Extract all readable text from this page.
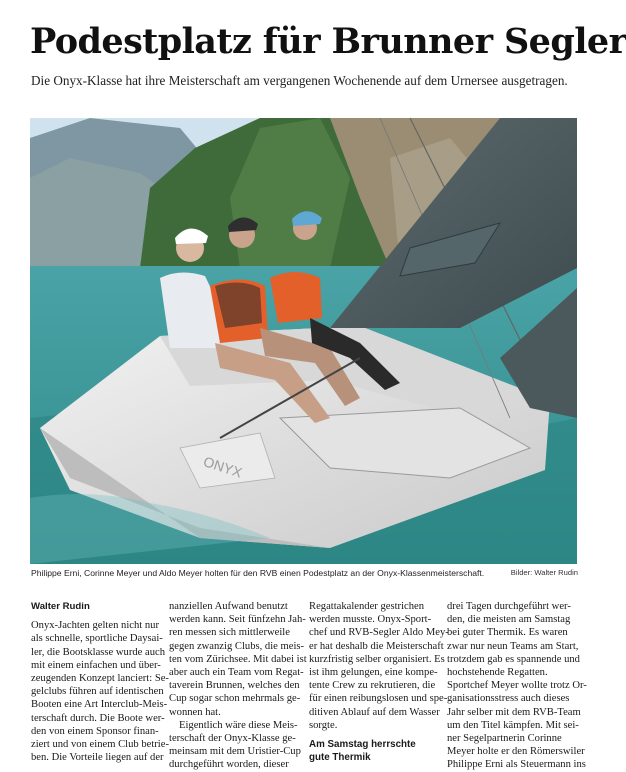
Podestplatz für Brunner Segler
Die Onyx-Klasse hat ihre Meisterschaft am vergangenen Wochenende auf dem Urnersee ausgetragen.
ONYX
Philippe Erni, Corinne Meyer und Aldo Meyer holten für den RVB einen Podestplatz an der Onyx-Klassenmeisterschaft.	Bilder: Walter Rudin
Walter Rudin
Onyx-Jachten gelten nicht nur
als schnelle, sportliche Daysai-
ler, die Bootsklasse wurde auch
mit einem einfachen und über-
zeugenden Konzept lanciert: Se-
gelclubs führen auf identischen
Booten eine Art Interclub-Meis-
terschaft durch. Die Boote wer-
den von einem Sponsor finan-
ziert und von einem Club betrie-
ben. Die Vorteile liegen auf der
nanziellen Aufwand benutzt
werden kann. Seit fünfzehn Jah-
ren messen sich mittlerweile
gegen zwanzig Clubs, die meis-
ten vom Zürichsee. Mit dabei ist
aber auch ein Team vom Regat-
taverein Brunnen, welches den
Cup sogar schon mehrmals ge-
wonnen hat.
Eigentlich wäre diese Meis-
terschaft der Onyx-Klasse ge-
meinsam mit dem Uristier-Cup
durchgeführt worden, dieser
Regattakalender gestrichen
werden musste. Onyx-Sport-
chef und RVB-Segler Aldo Mey-
er hat deshalb die Meisterschaft
kurzfristig selber organisiert. Es
ist ihm gelungen, eine kompe-
tente Crew zu rekrutieren, die
für einen reibungslosen und spe-
ditiven Ablauf auf dem Wasser
sorgte.
Am Samstag herrschte
gute Thermik
drei Tagen durchgeführt wer-
den, die meisten am Samstag
bei guter Thermik. Es waren
zwar nur neun Teams am Start,
trotzdem gab es spannende und
hochstehende Regatten.
Sportchef Meyer wollte trotz Or-
ganisationsstress auch dieses
Jahr selber mit dem RVB-Team
um den Titel kämpfen. Mit sei-
ner Segelpartnerin Corinne
Meyer holte er den Römerswiler
Philippe Erni als Steuermann ins
